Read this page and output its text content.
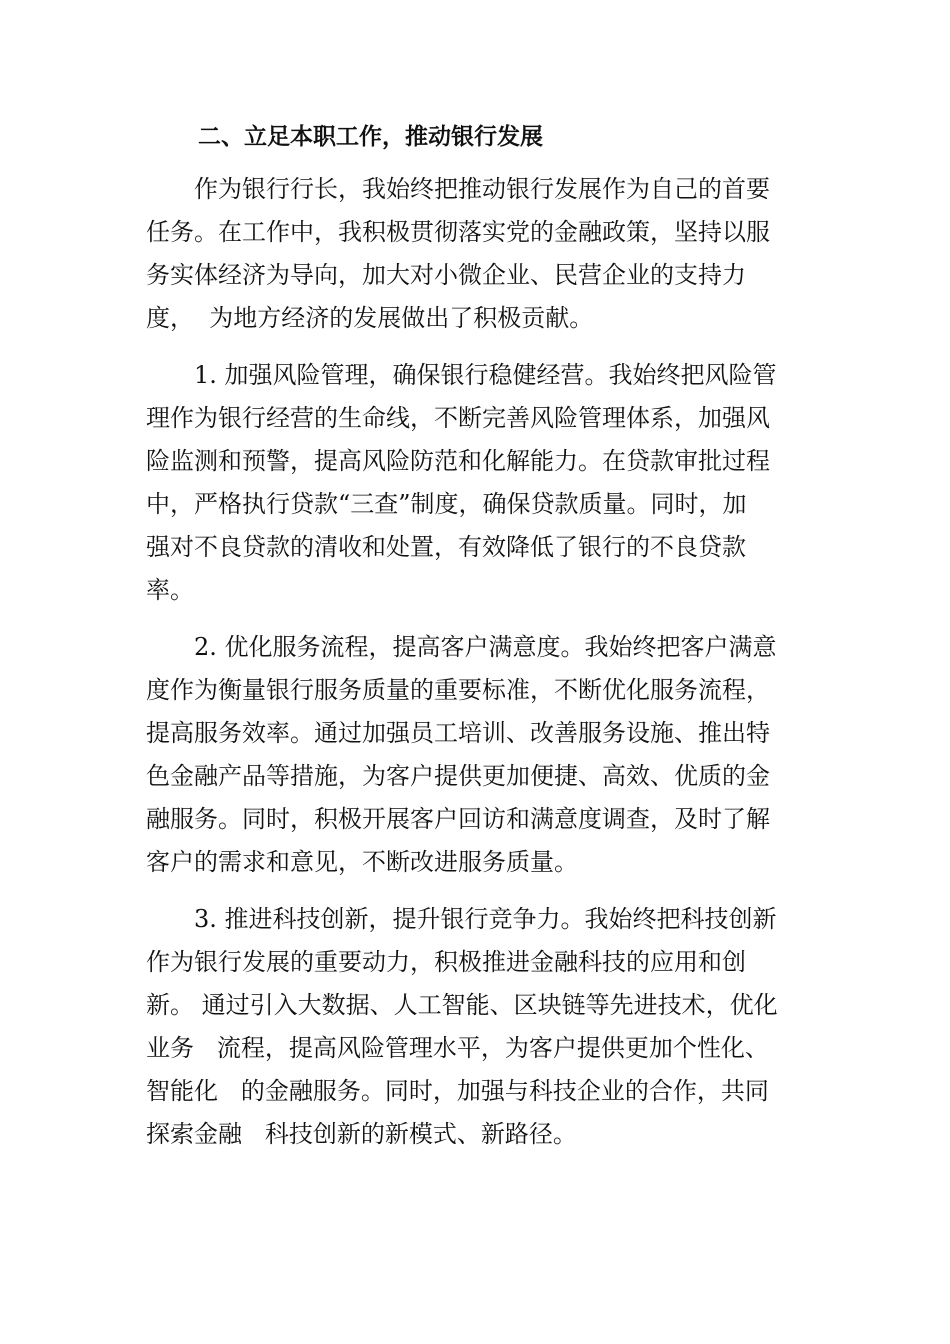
二、立足本职工作，推动银行发展

　　作为银行行长，我始终把推动银行发展作为自己的首要

任务。在工作中，我积极贯彻落实党的金融政策，坚持以服

务实体经济为导向，加大对小微企业、民营企业的支持力

度，  为地方经济的发展做出了积极贡献。

　　1. 加强风险管理，确保银行稳健经营。我始终把风险管

理作为银行经营的生命线，不断完善风险管理体系，加强风

险监测和预警，提高风险防范和化解能力。在贷款审批过程

中，严格执行贷款“三查”制度，确保贷款质量。同时，加

强对不良贷款的清收和处置，有效降低了银行的不良贷款

率。

　　2. 优化服务流程，提高客户满意度。我始终把客户满意

度作为衡量银行服务质量的重要标准，不断优化服务流程，

提高服务效率。通过加强员工培训、改善服务设施、推出特

色金融产品等措施，为客户提供更加便捷、高效、优质的金

融服务。同时，积极开展客户回访和满意度调查，及时了解

客户的需求和意见，不断改进服务质量。

　　3. 推进科技创新，提升银行竞争力。我始终把科技创新

作为银行发展的重要动力，积极推进金融科技的应用和创

新。 通过引入大数据、人工智能、区块链等先进技术，优化

业务   流程，提高风险管理水平，为客户提供更加个性化、

智能化   的金融服务。同时，加强与科技企业的合作，共同

探索金融   科技创新的新模式、新路径。
